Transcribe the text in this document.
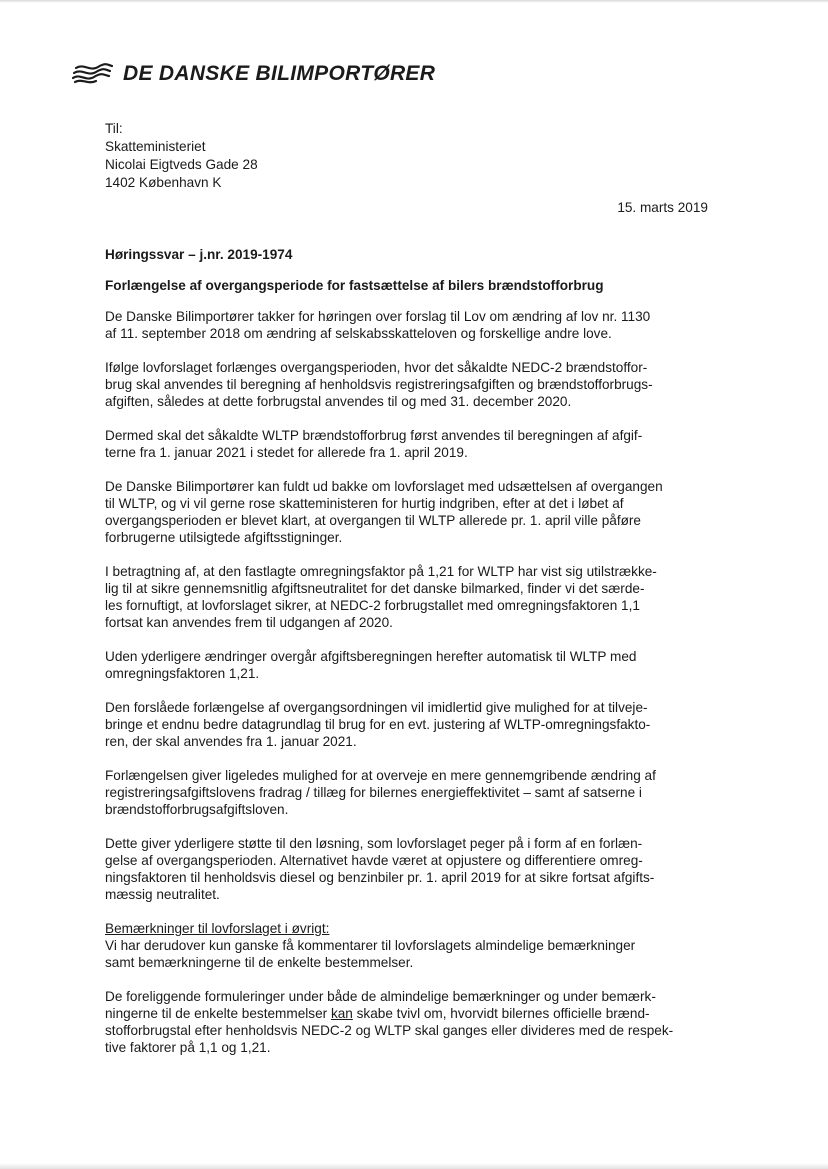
DE DANSKE BILIMPORTØRER
Til:
Skatteministeriet
Nicolai Eigtveds Gade 28
1402 København K
15. marts 2019

Høringssvar – j.nr. 2019-1974

Forlængelse af overgangsperiode for fastsættelse af bilers brændstofforbrug

De Danske Bilimportører takker for høringen over forslag til Lov om ændring af lov nr. 1130
af 11. september 2018 om ændring af selskabsskatteloven og forskellige andre love.

Ifølge lovforslaget forlænges overgangsperioden, hvor det såkaldte NEDC-2 brændstoffor-
brug skal anvendes til beregning af henholdsvis registreringsafgiften og brændstofforbrugs-
afgiften, således at dette forbrugstal anvendes til og med 31. december 2020.

Dermed skal det såkaldte WLTP brændstofforbrug først anvendes til beregningen af afgif-
terne fra 1. januar 2021 i stedet for allerede fra 1. april 2019.

De Danske Bilimportører kan fuldt ud bakke om lovforslaget med udsættelsen af overgangen
til WLTP, og vi vil gerne rose skatteministeren for hurtig indgriben, efter at det i løbet af
overgangsperioden er blevet klart, at overgangen til WLTP allerede pr. 1. april ville påføre
forbrugerne utilsigtede afgiftsstigninger.

I betragtning af, at den fastlagte omregningsfaktor på 1,21 for WLTP har vist sig utilstrække-
lig til at sikre gennemsnitlig afgiftsneutralitet for det danske bilmarked, finder vi det særde-
les fornuftigt, at lovforslaget sikrer, at NEDC-2 forbrugstallet med omregningsfaktoren 1,1
fortsat kan anvendes frem til udgangen af 2020.

Uden yderligere ændringer overgår afgiftsberegningen herefter automatisk til WLTP med
omregningsfaktoren 1,21.

Den forslåede forlængelse af overgangsordningen vil imidlertid give mulighed for at tilveje-
bringe et endnu bedre datagrundlag til brug for en evt. justering af WLTP-omregningsfakto-
ren, der skal anvendes fra 1. januar 2021.

Forlængelsen giver ligeledes mulighed for at overveje en mere gennemgribende ændring af
registreringsafgiftslovens fradrag / tillæg for bilernes energieffektivitet – samt af satserne i
brændstofforbrugsafgiftsloven.

Dette giver yderligere støtte til den løsning, som lovforslaget peger på i form af en forlæn-
gelse af overgangsperioden. Alternativet havde været at opjustere og differentiere omreg-
ningsfaktoren til henholdsvis diesel og benzinbiler pr. 1. april 2019 for at sikre fortsat afgifts-
mæssig neutralitet.

Bemærkninger til lovforslaget i øvrigt:
Vi har derudover kun ganske få kommentarer til lovforslagets almindelige bemærkninger
samt bemærkningerne til de enkelte bestemmelser.

De foreliggende formuleringer under både de almindelige bemærkninger og under bemærk-
ningerne til de enkelte bestemmelser kan skabe tvivl om, hvorvidt bilernes officielle brænd-
stofforbrugstal efter henholdsvis NEDC-2 og WLTP skal ganges eller divideres med de respek-
tive faktorer på 1,1 og 1,21.
